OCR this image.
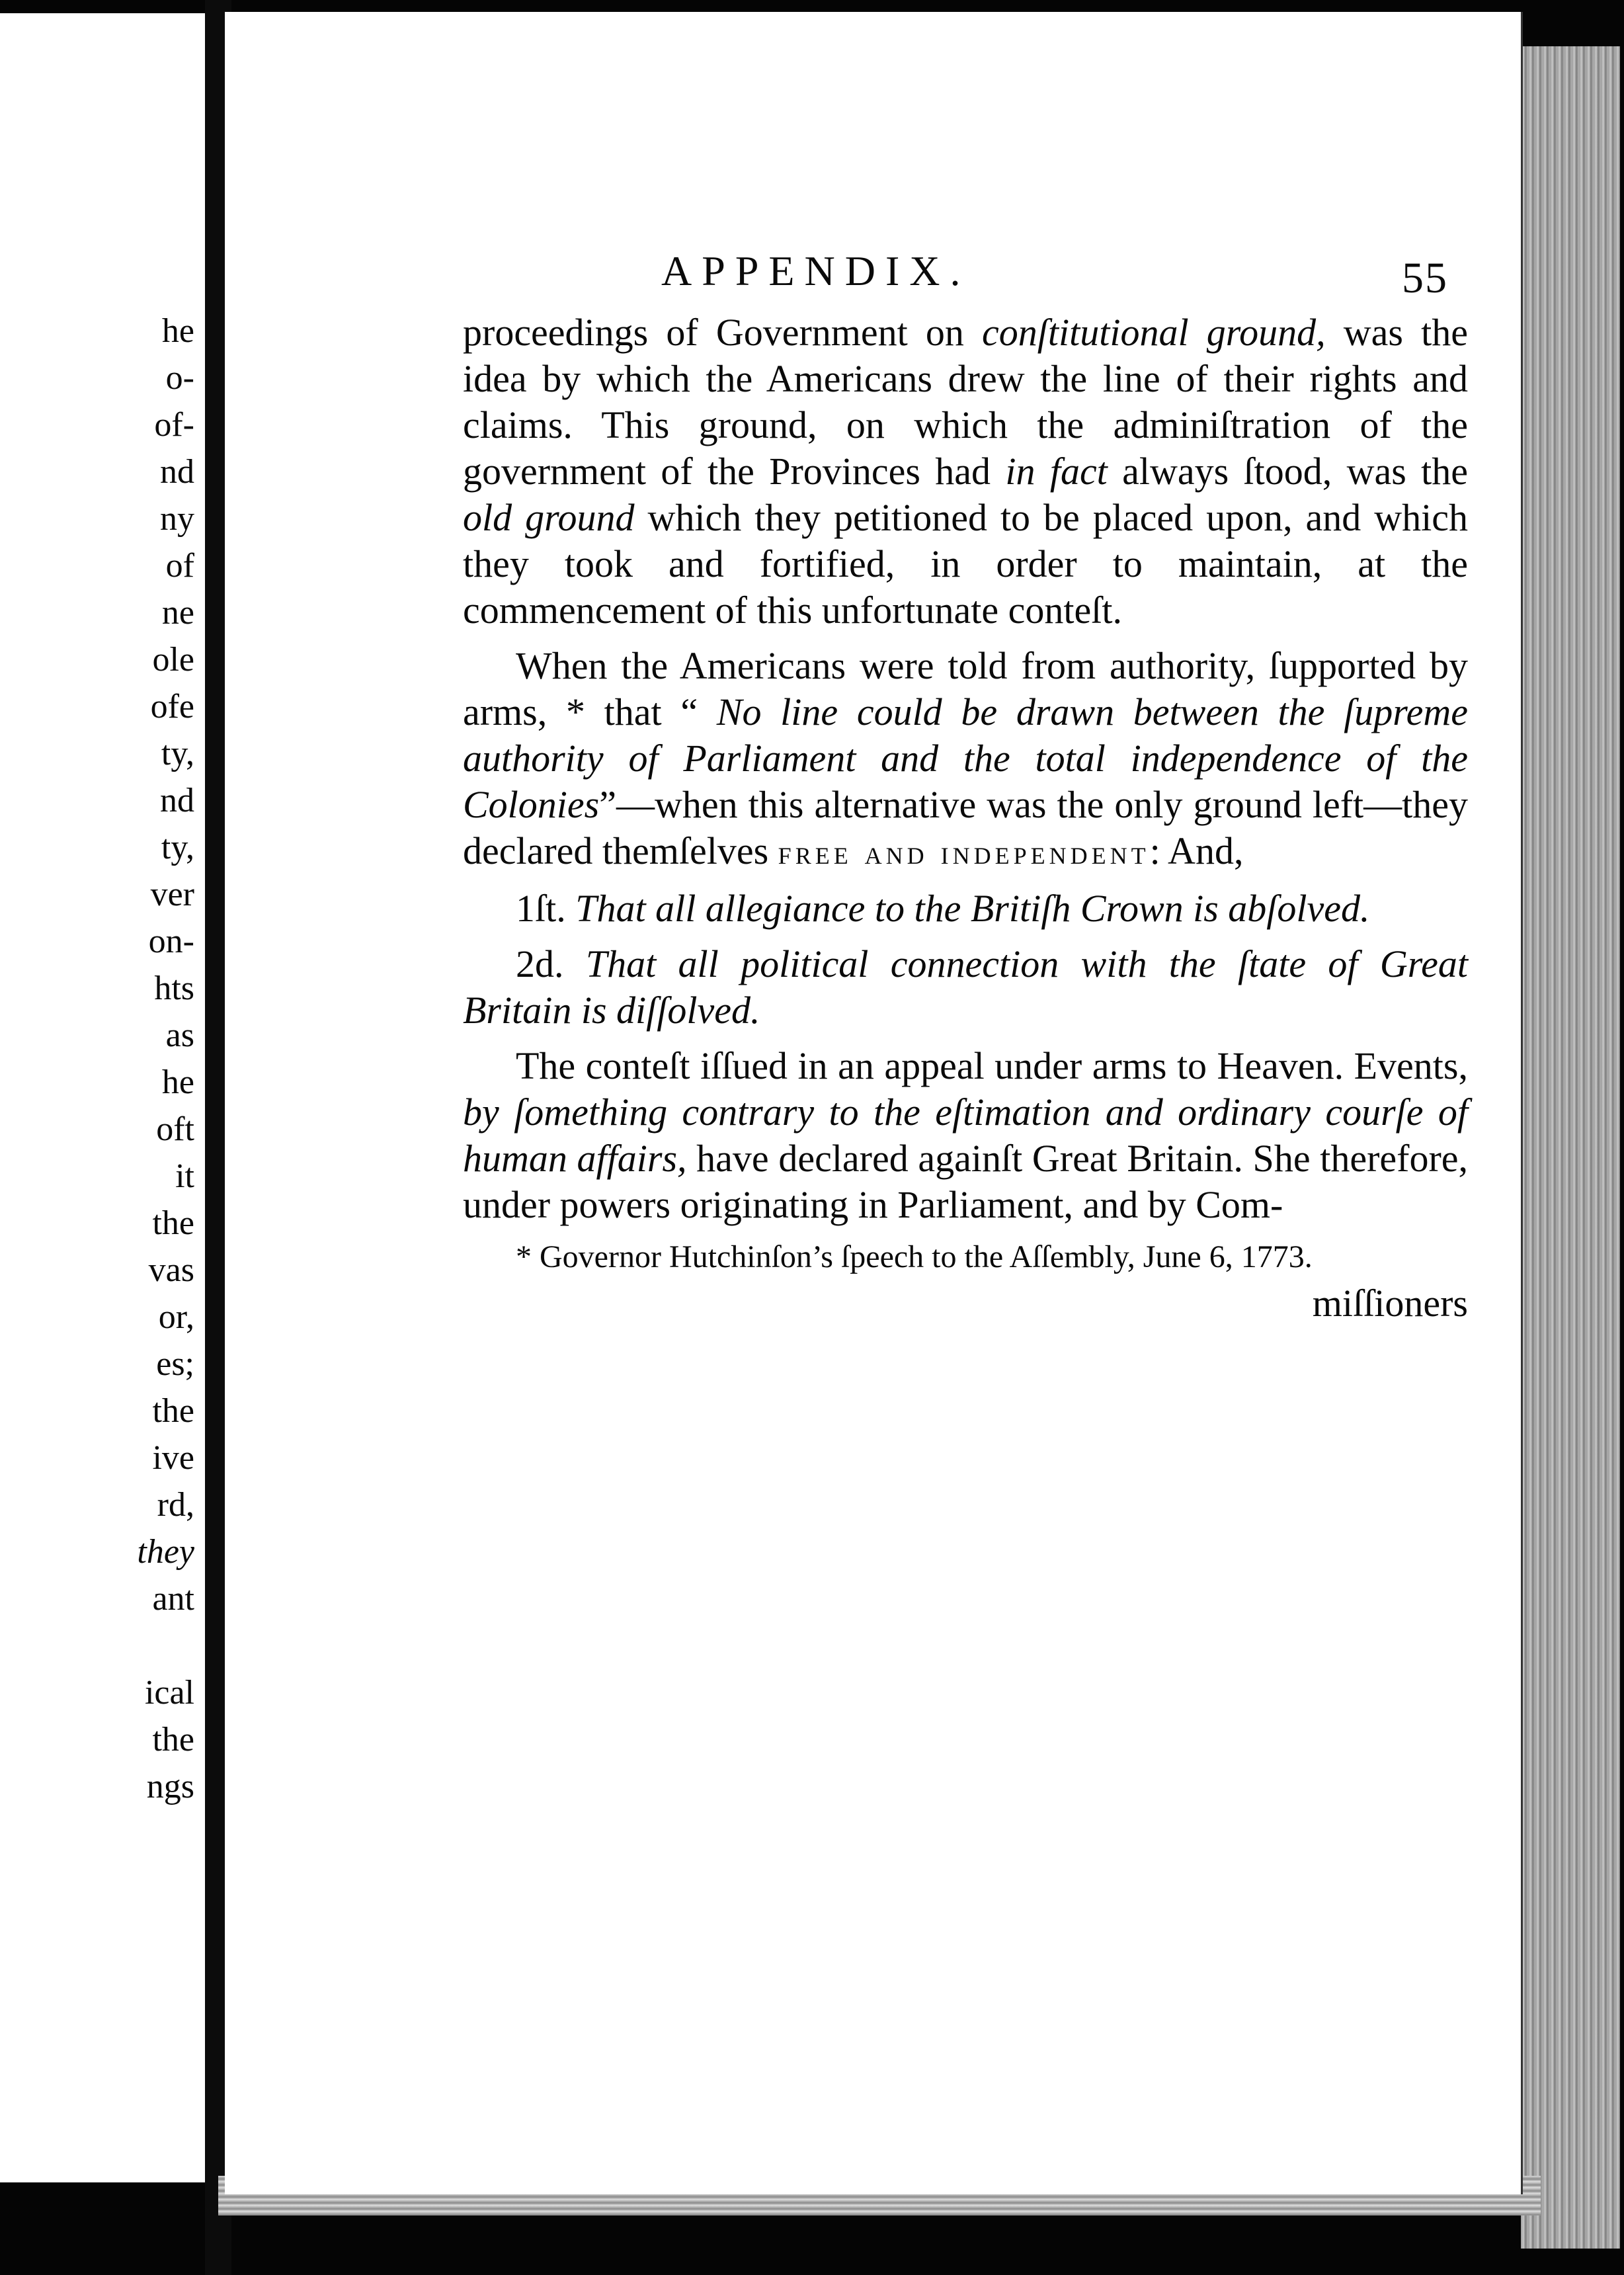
he
o-
of-
nd
ny
of
ne
ole
ofe
ty,
nd
ty,
ver
on-
hts
as
he
oft
it
the
vas
or,
es;
the
ive
rd,
they
ant

ical
the
ngs
APPENDIX.	55

proceedings of Government on conſtitutional ground, was the idea by which the Americans drew the line of their rights and claims. This ground, on which the adminiſtration of the government of the Provinces had in fact always ſtood, was the old ground which they petitioned to be placed upon, and which they took and fortified, in order to maintain, at the commencement of this unfortunate conteſt.

When the Americans were told from authority, ſupported by arms, * that “ No line could be drawn between the ſupreme authority of Parliament and the total independence of the Colonies”—when this alternative was the only ground left—they declared themſelves free and independent: And,

1ſt. That all allegiance to the Britiſh Crown is abſolved.

2d. That all political connection with the ſtate of Great Britain is diſſolved.

The conteſt iſſued in an appeal under arms to Heaven. Events, by ſomething contrary to the eſtimation and ordinary courſe of human affairs, have declared againſt Great Britain. She therefore, under powers originating in Parliament, and by Com-

* Governor Hutchinſon’s ſpeech to the Aſſembly, June 6, 1773.
miſſioners
